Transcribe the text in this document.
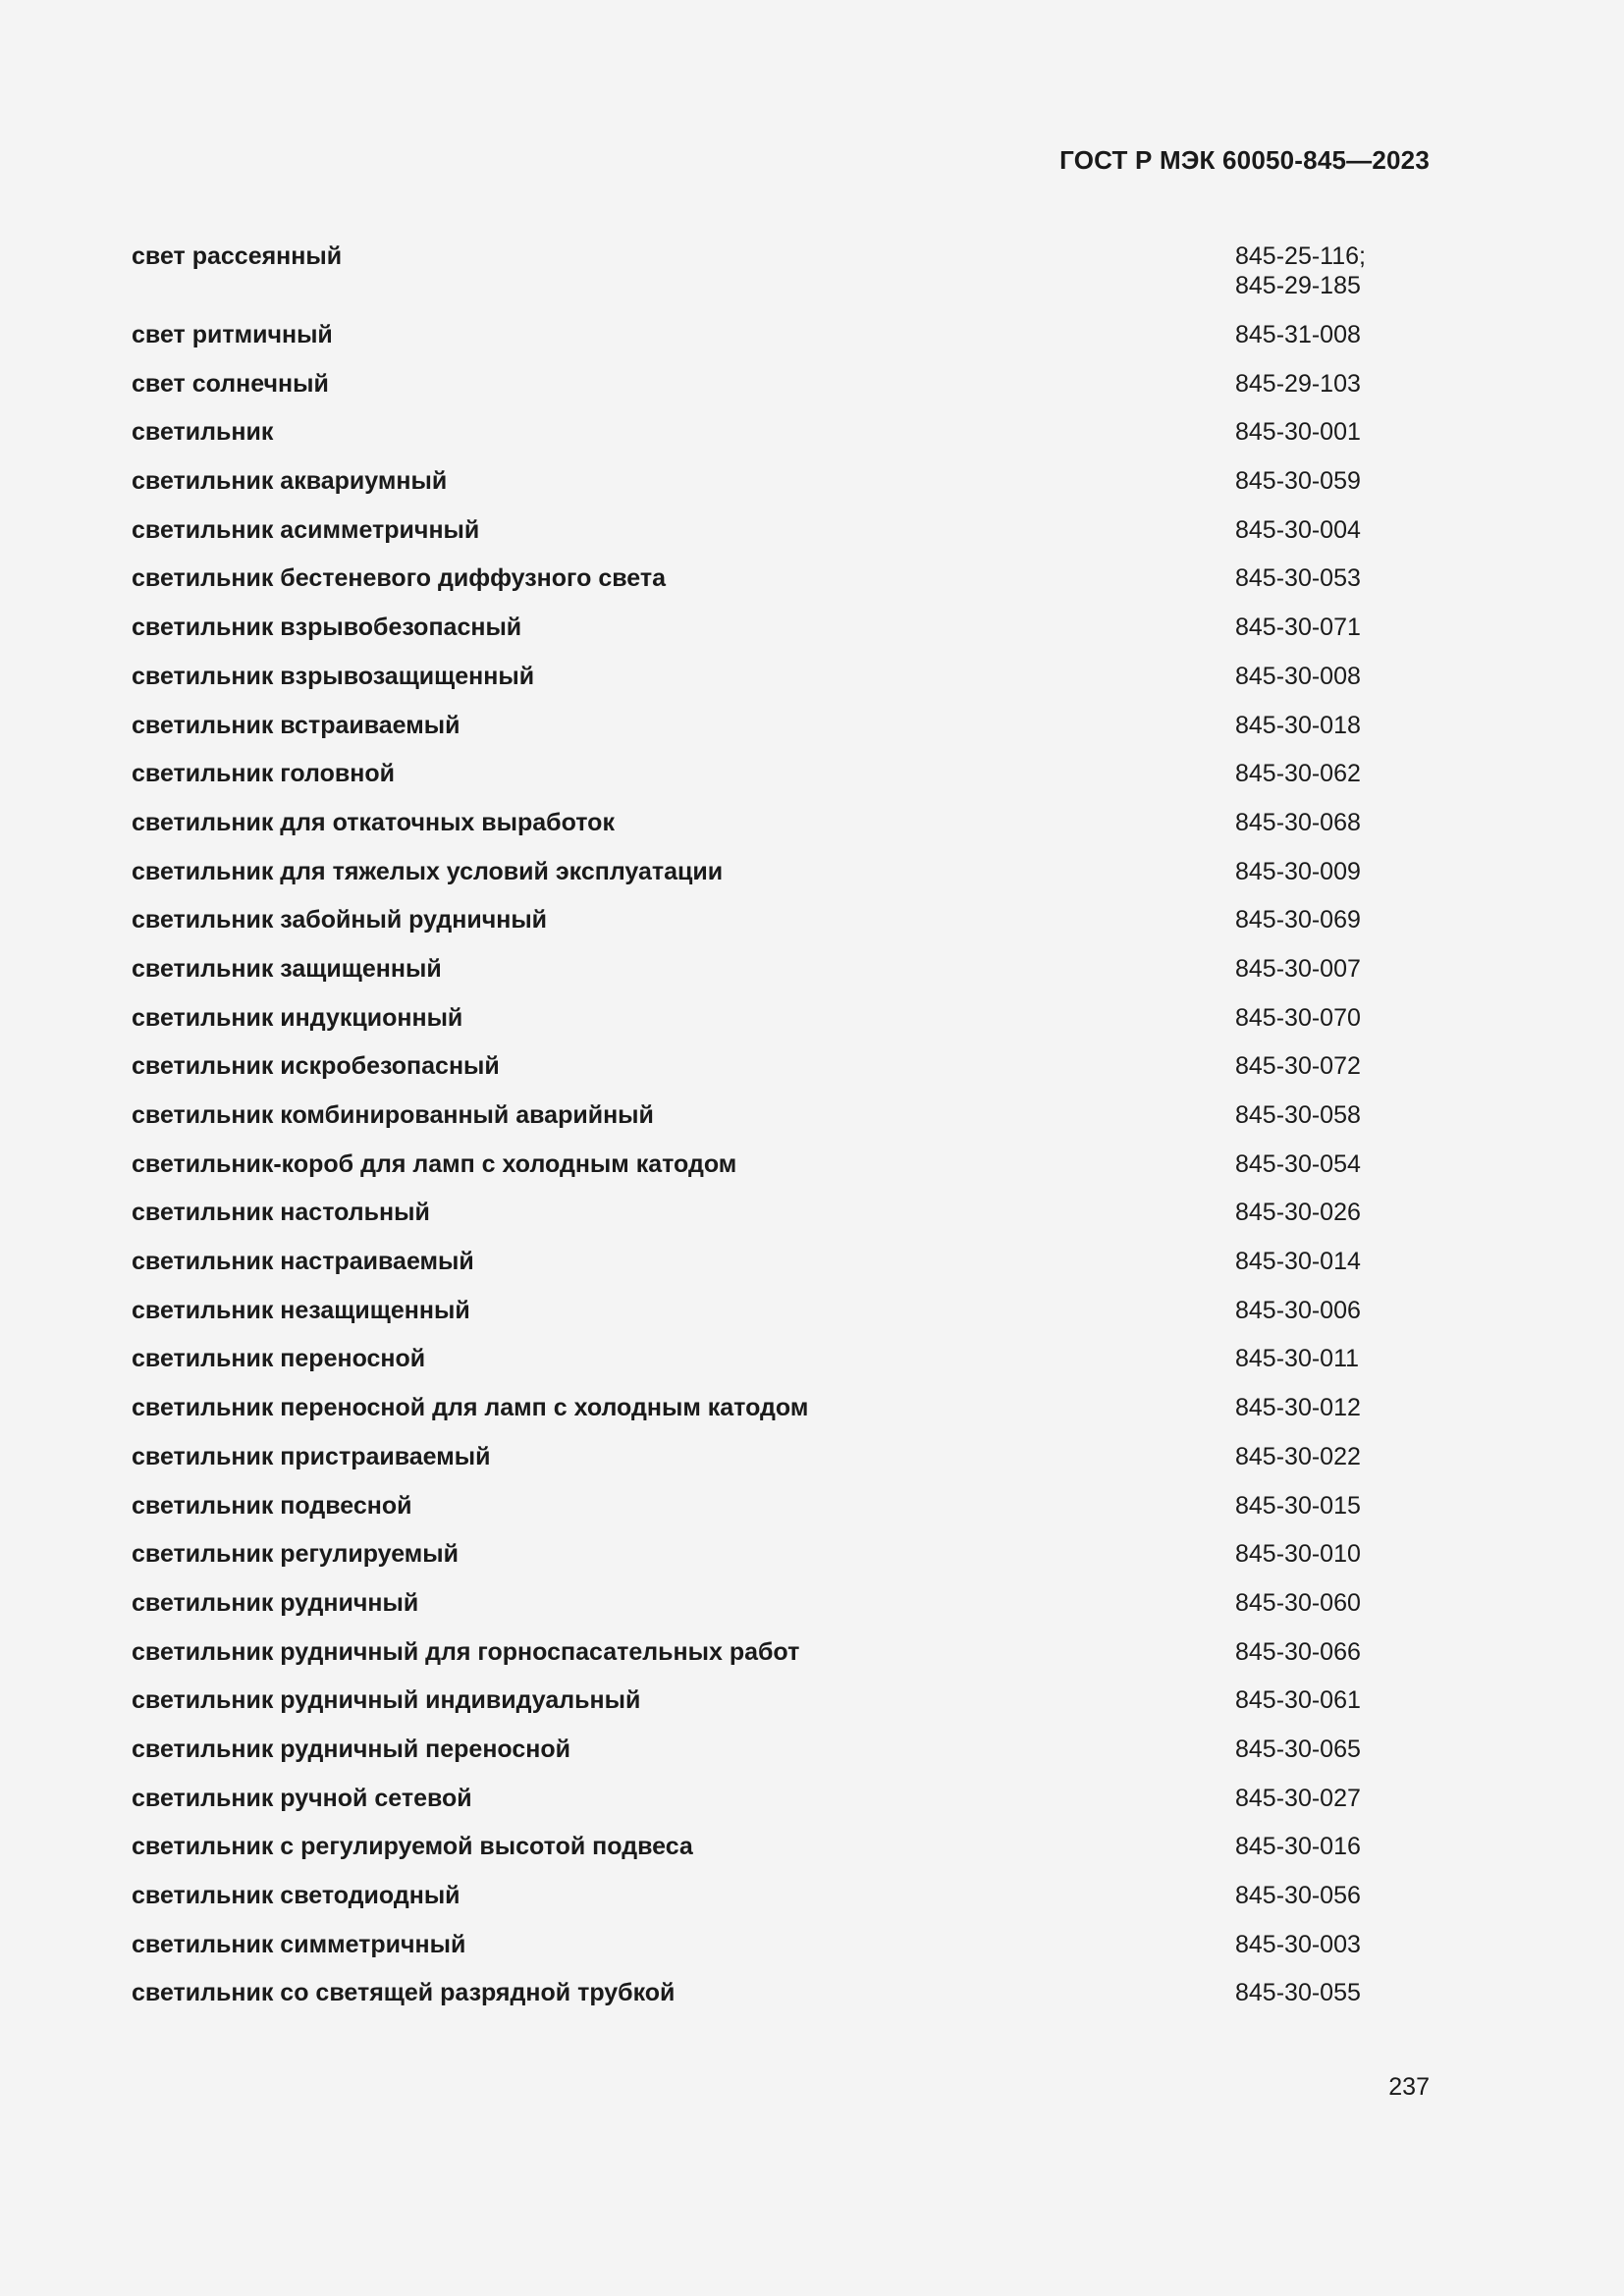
ГОСТ Р МЭК 60050-845—2023
свет рассеянный	845-25-116;
845-29-185
свет ритмичный	845-31-008
свет солнечный	845-29-103
светильник	845-30-001
светильник аквариумный	845-30-059
светильник асимметричный	845-30-004
светильник бестеневого диффузного света	845-30-053
светильник взрывобезопасный	845-30-071
светильник взрывозащищенный	845-30-008
светильник встраиваемый	845-30-018
светильник головной	845-30-062
светильник для откаточных выработок	845-30-068
светильник для тяжелых условий эксплуатации	845-30-009
светильник забойный рудничный	845-30-069
светильник защищенный	845-30-007
светильник индукционный	845-30-070
светильник искробезопасный	845-30-072
светильник комбинированный аварийный	845-30-058
светильник-короб для ламп с холодным катодом	845-30-054
светильник настольный	845-30-026
светильник настраиваемый	845-30-014
светильник незащищенный	845-30-006
светильник переносной	845-30-011
светильник переносной для ламп с холодным катодом	845-30-012
светильник пристраиваемый	845-30-022
светильник подвесной	845-30-015
светильник регулируемый	845-30-010
светильник рудничный	845-30-060
светильник рудничный для горноспасательных работ	845-30-066
светильник рудничный индивидуальный	845-30-061
светильник рудничный переносной	845-30-065
светильник ручной сетевой	845-30-027
светильник с регулируемой высотой подвеса	845-30-016
светильник светодиодный	845-30-056
светильник симметричный	845-30-003
светильник со светящей разрядной трубкой	845-30-055
237
